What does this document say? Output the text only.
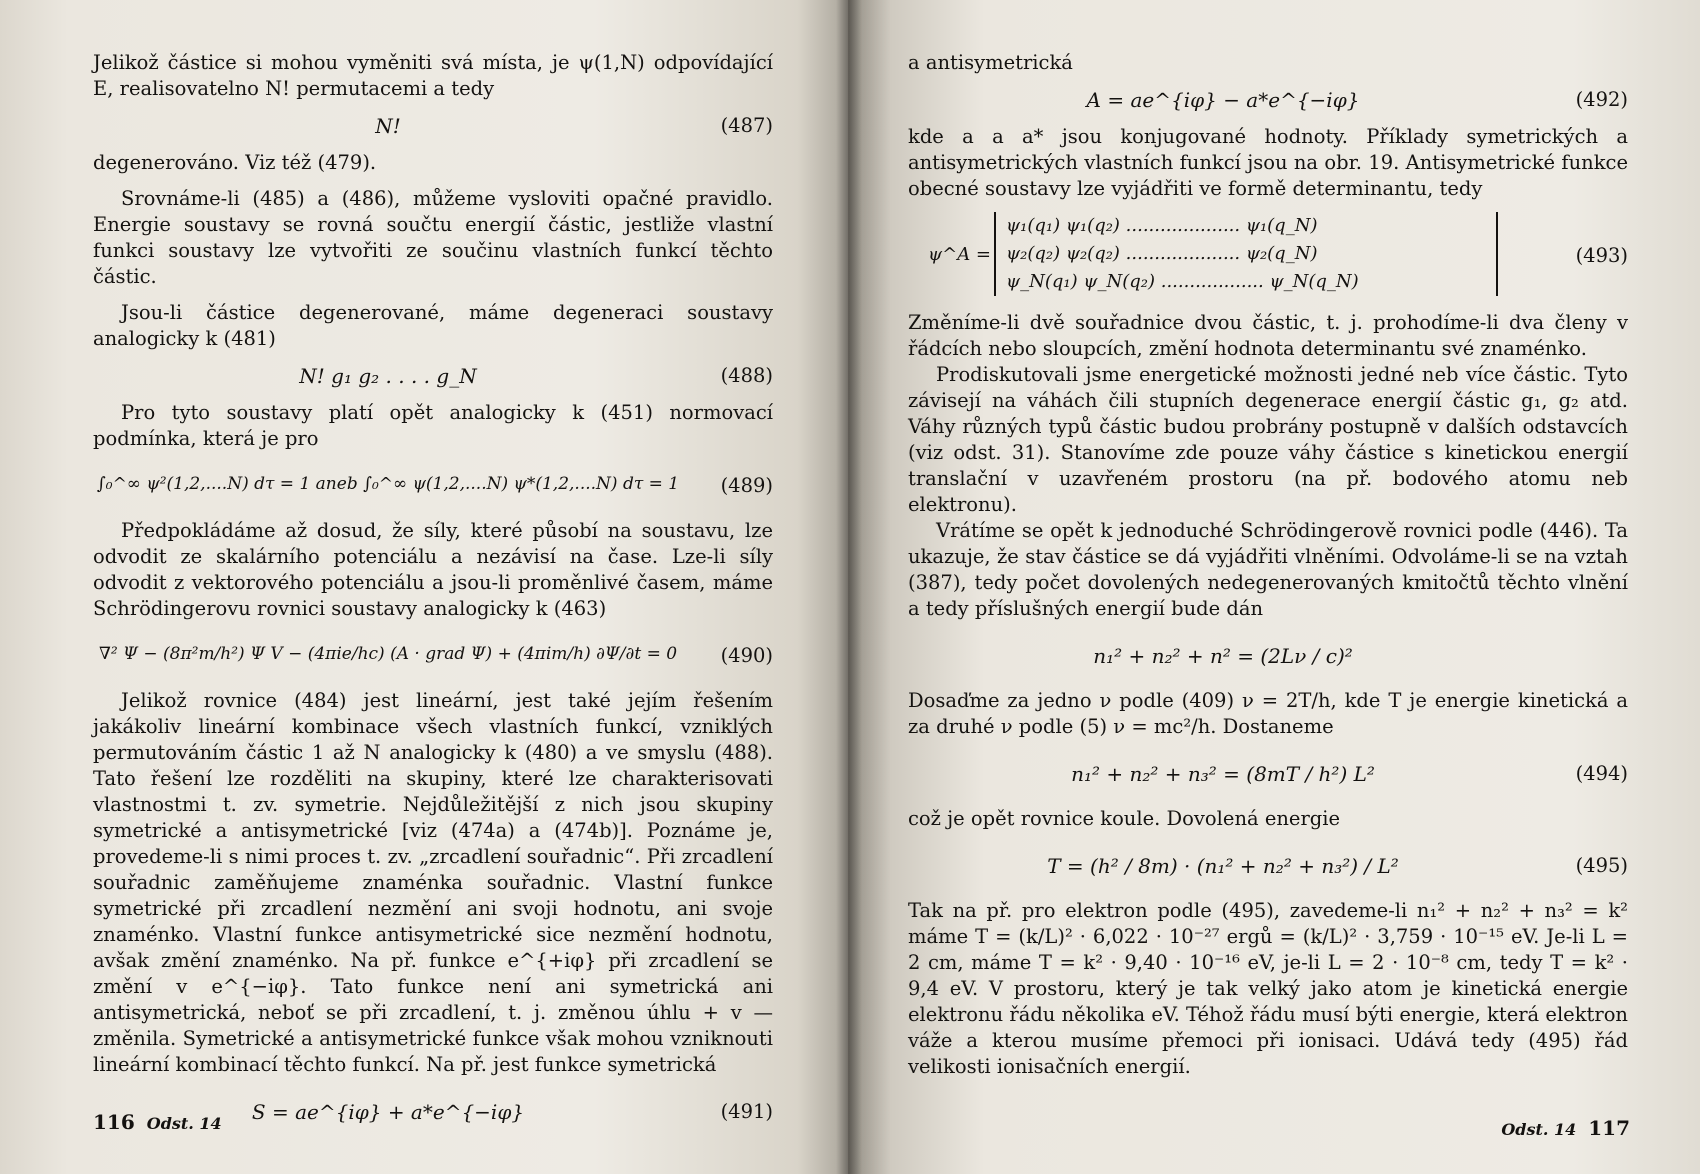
Jelikož částice si mohou vyměniti svá místa, je ψ(1,N) odpovídající E, realisovatelno N! permutacemi a tedy

N!	(487)

degenerováno. Viz též (479).

Srovnáme-li (485) a (486), můžeme vysloviti opačné pravidlo. Energie soustavy se rovná součtu energií částic, jestliže vlastní funkci soustavy lze vytvořiti ze součinu vlastních funkcí těchto částic.

Jsou-li částice degenerované, máme degeneraci soustavy analogicky k (481)

N! g₁ g₂ . . . . g_N	(488)

Pro tyto soustavy platí opět analogicky k (451) normovací podmínka, která je pro

∫₀^∞ ψ²(1,2,....N) dτ = 1 aneb ∫₀^∞ ψ(1,2,....N) ψ*(1,2,....N) dτ = 1 (489)

Předpokládáme až dosud, že síly, které působí na soustavu, lze odvodit ze skalárního potenciálu a nezávisí na čase. Lze-li síly odvodit z vektorového potenciálu a jsou-li proměnlivé časem, máme Schrödingerovu rovnici soustavy analogicky k (463)

∇² Ψ − (8π²m/h²) Ψ V − (4πie/hc) (A · grad Ψ) + (4πim/h) ∂Ψ/∂t = 0	(490)

Jelikož rovnice (484) jest lineární, jest také jejím řešením jakákoliv lineární kombinace všech vlastních funkcí, vzniklých permutováním částic 1 až N analogicky k (480) a ve smyslu (488). Tato řešení lze rozděliti na skupiny, které lze charakterisovati vlastnostmi t. zv. symetrie. Nejdůležitější z nich jsou skupiny symetrické a antisymetrické [viz (474a) a (474b)]. Poznáme je, provedeme-li s nimi proces t. zv. „zrcadlení souřadnic“. Při zrcadlení souřadnic zaměňujeme znaménka souřadnic. Vlastní funkce symetrické při zrcadlení nezmění ani svoji hodnotu, ani svoje znaménko. Vlastní funkce antisymetrické sice nezmění hodnotu, avšak změní znaménko. Na př. funkce e^{+iφ} při zrcadlení se změní v e^{−iφ}. Tato funkce není ani symetrická ani antisymetrická, neboť se při zrcadlení, t. j. změnou úhlu + v — změnila. Symetrické a antisymetrické funkce však mohou vzniknouti lineární kombinací těchto funkcí. Na př. jest funkce symetrická

S = ae^{iφ} + a*e^{−iφ}	(491)
116 Odst. 14

a antisymetrická

A = ae^{iφ} − a*e^{−iφ}	(492)

kde a a a* jsou konjugované hodnoty. Příklady symetrických a antisymetrických vlastních funkcí jsou na obr. 19. Antisymetrické funkce obecné soustavy lze vyjádřiti ve formě determinantu, tedy

ψ^A =
ψ₁(q₁) ψ₁(q₂) .................... ψ₁(q_N)
ψ₂(q₂) ψ₂(q₂) .................... ψ₂(q_N)
ψ_N(q₁) ψ_N(q₂) .................. ψ_N(q_N)
(493)

Změníme-li dvě souřadnice dvou částic, t. j. prohodíme-li dva členy v řádcích nebo sloupcích, změní hodnota determinantu své znaménko.

Prodiskutovali jsme energetické možnosti jedné neb více částic. Tyto závisejí na váhách čili stupních degenerace energií částic g₁, g₂ atd. Váhy různých typů částic budou probrány postupně v dalších odstavcích (viz odst. 31). Stanovíme zde pouze váhy částice s kinetickou energií translační v uzavřeném prostoru (na př. bodového atomu neb elektronu).

Vrátíme se opět k jednoduché Schrödingerově rovnici podle (446). Ta ukazuje, že stav částice se dá vyjádřiti vlněními. Odvoláme-li se na vztah (387), tedy počet dovolených nedegenerovaných kmitočtů těchto vlnění a tedy příslušných energií bude dán

n₁² + n₂² + n² = (2Lν / c)²

Dosaďme za jedno ν podle (409) ν = 2T/h, kde T je energie kinetická a za druhé ν podle (5) ν = mc²/h. Dostaneme

n₁² + n₂² + n₃² = (8mT / h²) L²	(494)

což je opět rovnice koule. Dovolená energie

T = (h² / 8m) · (n₁² + n₂² + n₃²) / L²	(495)

Tak na př. pro elektron podle (495), zavedeme-li n₁² + n₂² + n₃² = k² máme T = (k/L)² · 6,022 · 10⁻²⁷ ergů = (k/L)² · 3,759 · 10⁻¹⁵ eV. Je-li L = 2 cm, máme T = k² · 9,40 · 10⁻¹⁶ eV, je-li L = 2 · 10⁻⁸ cm, tedy T = k² · 9,4 eV. V prostoru, který je tak velký jako atom je kinetická energie elektronu řádu několika eV. Téhož řádu musí býti energie, která elektron váže a kterou musíme přemoci při ionisaci. Udává tedy (495) řád velikosti ionisačních energií.

Odst. 14 117
